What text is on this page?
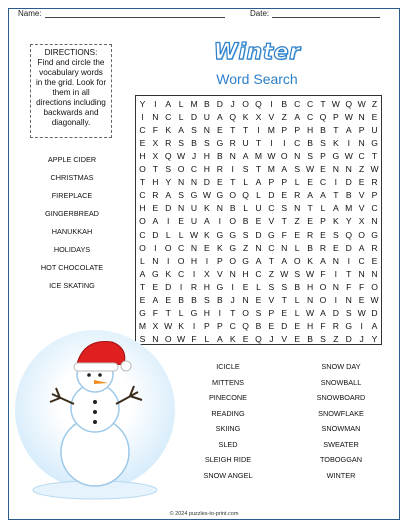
Name:	Date:
DIRECTIONS:
Find and circle the vocabulary words in the grid. Look for them in all directions including backwards and diagonally.
Winter
Word Search
Y	I	A L M B D J O Q I	B C C T W Q W Z
I N C L D U A Q K X V Z A C Q P W N E
C F K A S N E T T	I M P P H B T A P U
E X R S B S G R U T	I	I C B S K	I N G
H X Q W J H B N A M W O N S P G W C T
O T S O C H R I	S T M A S W E N N Z W
T H Y N N D E T L A P P L E C I D E R
C R A S G W G O Q L D E R A A T B V P
H E D N U K N B L U C S N T L A M V C
O A	I	E U A	I O B E V T Z E P K Y X N
C D L L W K G G S D G F E R E S Q O G
O I O C N E K G Z N C N L B R E D A R
L N I O H I	P O G A T A O K A N	I C E
A G K C	I	X V N H C Z W S W F	I	T N N
T E D I R H G I	E L S S B H O N F F O
E A E B B S B J N E V T L N O I N E W
G F T L G H I	T O S P E L W A D S W D
M X W K	I	P P C Q B E D E H F R G I	A
S N O W F L A K E Q J V E B S Z D J Y
APPLE CIDER
CHRISTMAS
FIREPLACE
GINGERBREAD
HANUKKAH
HOLIDAYS
HOT CHOCOLATE
ICE SKATING
ICICLE
MITTENS
PINECONE
READING
SKIING
SLED
SLEIGH RIDE
SNOW ANGEL
SNOW DAY
SNOWBALL
SNOWBOARD
SNOWFLAKE
SNOWMAN
SWEATER
TOBOGGAN
WINTER
© 2024 puzzles-to-print.com
